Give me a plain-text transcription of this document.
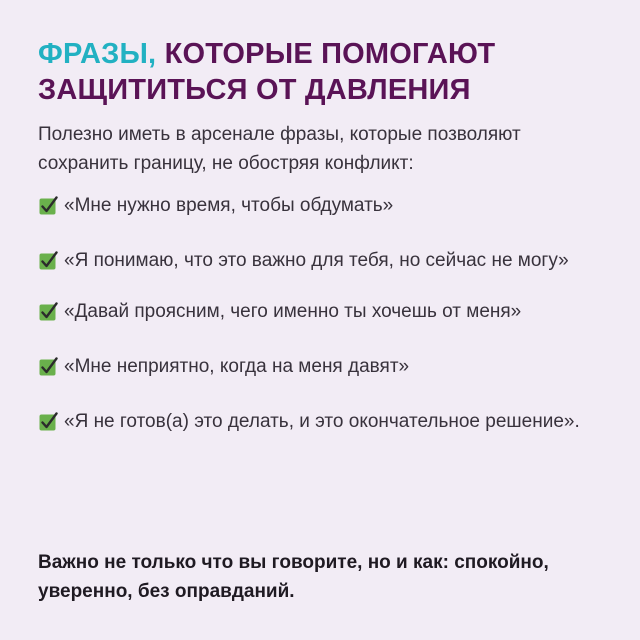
ФРАЗЫ, КОТОРЫЕ ПОМОГАЮТ ЗАЩИТИТЬСЯ ОТ ДАВЛЕНИЯ

Полезно иметь в арсенале фразы, которые позволяют
сохранить границу, не обостряя конфликт:

«Мне нужно время, чтобы обдумать»
«Я понимаю, что это важно для тебя, но сейчас не могу»
«Давай проясним, чего именно ты хочешь от меня»
«Мне неприятно, когда на меня давят»
«Я не готов(а) это делать, и это окончательное решение».

Важно не только что вы говорите, но и как: спокойно, уверенно, без оправданий.
